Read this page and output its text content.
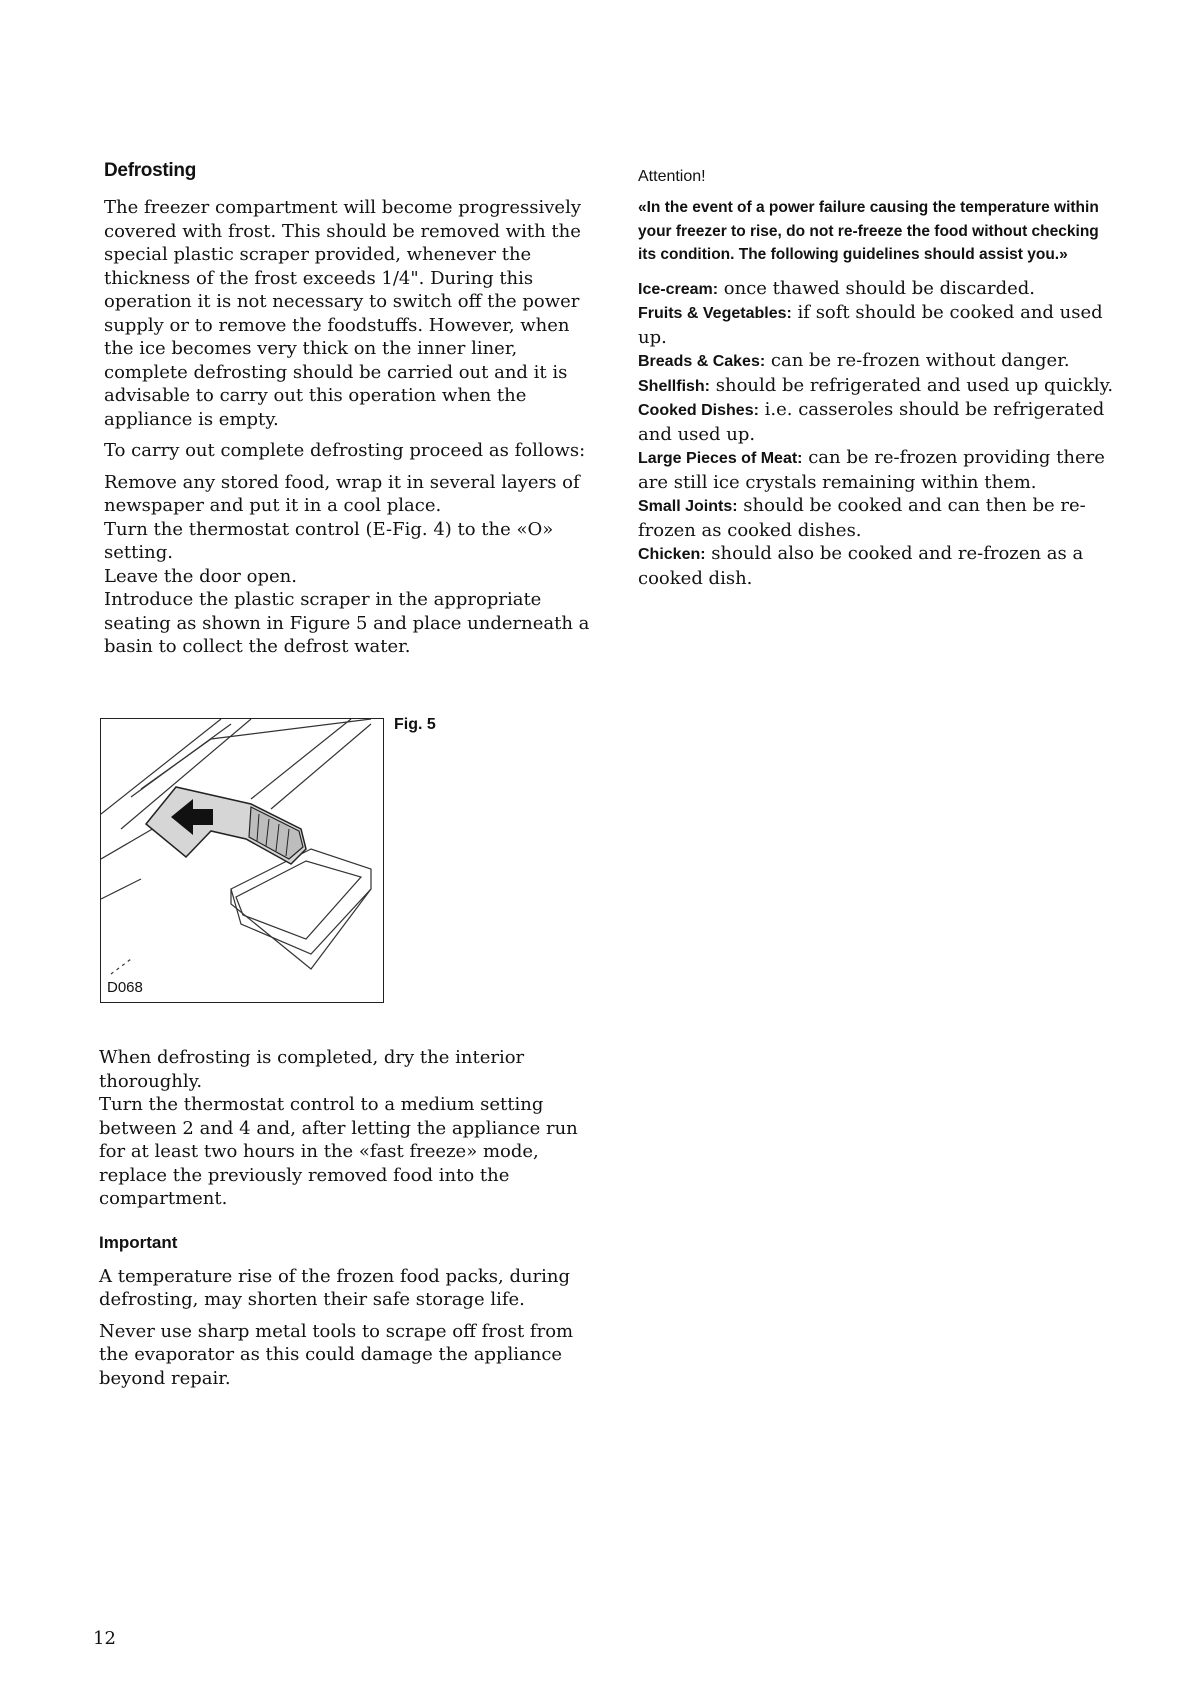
Defrosting

The freezer compartment will become progressively covered with frost. This should be removed with the special plastic scraper provided, whenever the thickness of the frost exceeds 1/4". During this operation it is not necessary to switch off the power supply or to remove the foodstuffs. However, when the ice becomes very thick on the inner liner, complete defrosting should be carried out and it is advisable to carry out this operation when the appliance is empty.

To carry out complete defrosting proceed as follows:

Remove any stored food, wrap it in several layers of newspaper and put it in a cool place.

Turn the thermostat control (E-Fig. 4) to the «O» setting.

Leave the door open.

Introduce the plastic scraper in the appropriate seating as shown in Figure 5 and place underneath a basin to collect the defrost water.

D068
Fig. 5

When defrosting is completed, dry the interior thoroughly.

Turn the thermostat control to a medium setting between 2 and 4 and, after letting the appliance run for at least two hours in the «fast freeze» mode, replace the previously removed food into the compartment.

Important

A temperature rise of the frozen food packs, during defrosting, may shorten their safe storage life.

Never use sharp metal tools to scrape off frost from the evaporator as this could damage the appliance beyond repair.

Attention!

«In the event of a power failure causing the temperature within your freezer to rise, do not re-freeze the food without checking its condition. The following guidelines should assist you.»

Ice-cream: once thawed should be discarded.

Fruits & Vegetables: if soft should be cooked and used up.

Breads & Cakes: can be re-frozen without danger.

Shellfish: should be refrigerated and used up quickly.

Cooked Dishes: i.e. casseroles should be refrigerated and used up.

Large Pieces of Meat: can be re-frozen providing there are still ice crystals remaining within them.

Small Joints: should be cooked and can then be re-frozen as cooked dishes.

Chicken: should also be cooked and re-frozen as a cooked dish.

12
